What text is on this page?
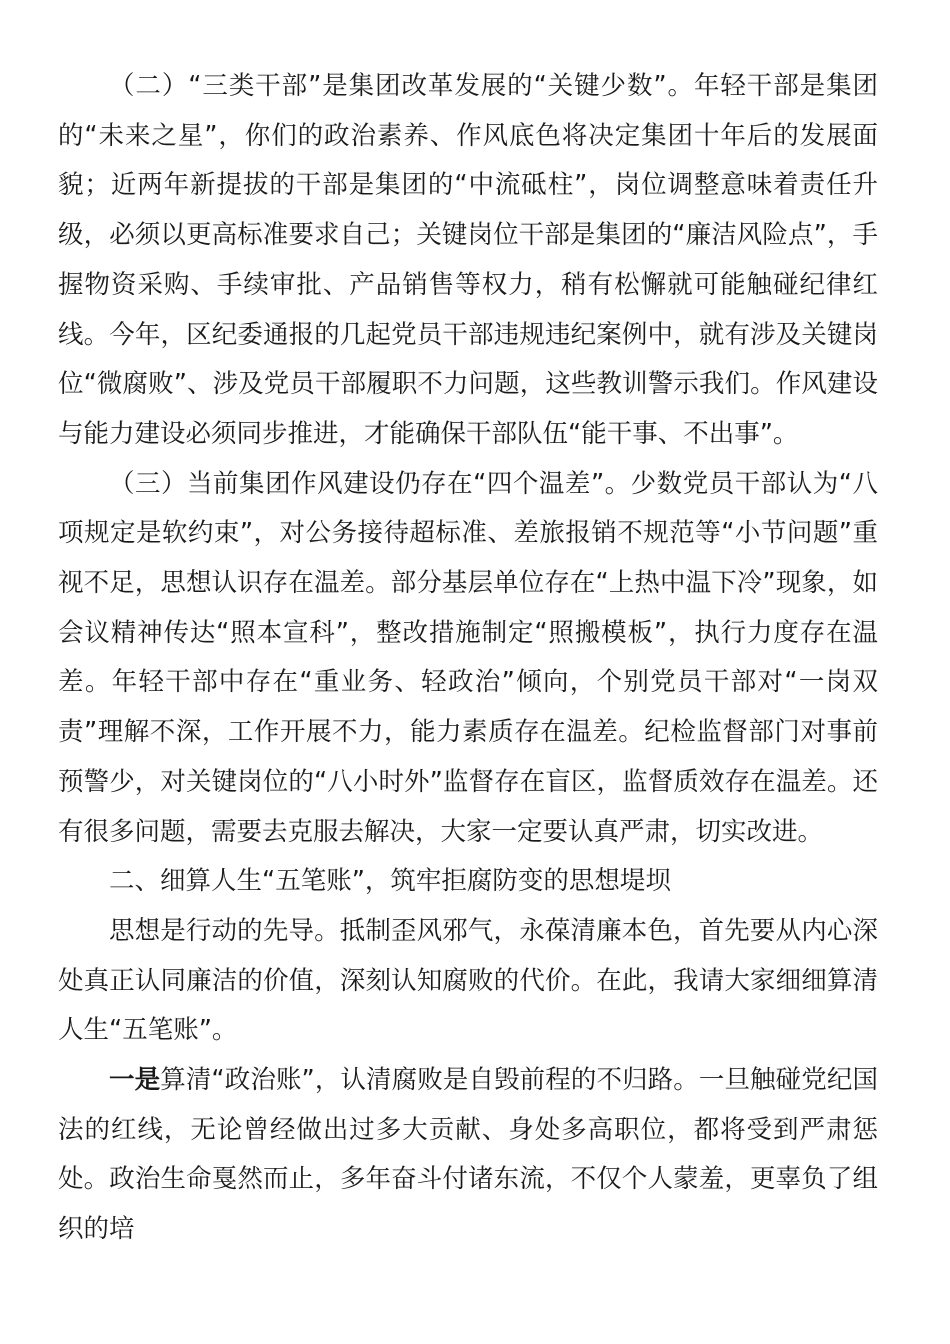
（二）“三类干部”是集团改革发展的“关键少数”。年轻干部是集团的“未来之星”，你们的政治素养、作风底色将决定集团十年后的发展面貌；近两年新提拔的干部是集团的“中流砥柱”，岗位调整意味着责任升级，必须以更高标准要求自己；关键岗位干部是集团的“廉洁风险点”，手握物资采购、手续审批、产品销售等权力，稍有松懈就可能触碰纪律红线。今年，区纪委通报的几起党员干部违规违纪案例中，就有涉及关键岗位“微腐败”、涉及党员干部履职不力问题，这些教训警示我们。作风建设与能力建设必须同步推进，才能确保干部队伍“能干事、不出事”。

（三）当前集团作风建设仍存在“四个温差”。少数党员干部认为“八项规定是软约束”，对公务接待超标准、差旅报销不规范等“小节问题”重视不足，思想认识存在温差。部分基层单位存在“上热中温下冷”现象，如会议精神传达“照本宣科”，整改措施制定“照搬模板”，执行力度存在温差。年轻干部中存在“重业务、轻政治”倾向，个别党员干部对“一岗双责”理解不深，工作开展不力，能力素质存在温差。纪检监督部门对事前预警少，对关键岗位的“八小时外”监督存在盲区，监督质效存在温差。还有很多问题，需要去克服去解决，大家一定要认真严肃，切实改进。

二、细算人生“五笔账”，筑牢拒腐防变的思想堤坝

思想是行动的先导。抵制歪风邪气，永葆清廉本色，首先要从内心深处真正认同廉洁的价值，深刻认知腐败的代价。在此，我请大家细细算清人生“五笔账”。

一是算清“政治账”，认清腐败是自毁前程的不归路。一旦触碰党纪国法的红线，无论曾经做出过多大贡献、身处多高职位，都将受到严肃惩处。政治生命戛然而止，多年奋斗付诸东流，不仅个人蒙羞，更辜负了组织的培
